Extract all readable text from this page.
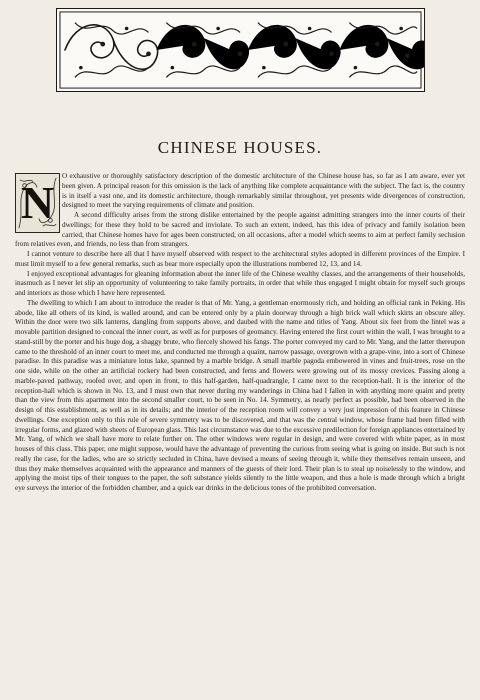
CHINESE HOUSES.
N

O exhaustive or thoroughly satisfactory description of the domestic architecture of the Chinese house has, so far as I am aware, ever yet been given. A principal reason for this omission is the lack of anything like complete acquaintance with the subject. The fact is, the country is in itself a vast one, and its domestic architecture, though remarkably similar throughout, yet presents wide divergences of construction, designed to meet the varying requirements of climate and position.

A second difficulty arises from the strong dislike entertained by the people against admitting strangers into the inner courts of their dwellings; for these they hold to be sacred and inviolate. To such an extent, indeed, has this idea of privacy and family isolation been carried, that Chinese homes have for ages been constructed, on all occasions, after a model which seems to aim at perfect family seclusion from relatives even, and friends, no less than from strangers.

I cannot venture to describe here all that I have myself observed with respect to the architectural styles adopted in different provinces of the Empire. I must limit myself to a few general remarks, such as bear more especially upon the illustrations numbered 12, 13, and 14.

I enjoyed exceptional advantages for gleaning information about the inner life of the Chinese wealthy classes, and the arrangements of their households, inasmuch as I never let slip an opportunity of volunteering to take family portraits, in order that while thus engaged I might obtain for myself such groups and interiors as those which I have here represented.

The dwelling to which I am about to introduce the reader is that of Mr. Yang, a gentleman enormously rich, and holding an official rank in Peking. His abode, like all others of its kind, is walled around, and can be entered only by a plain doorway through a high brick wall which skirts an obscure alley. Within the door were two silk lanterns, dangling from supports above, and daubed with the name and titles of Yang. About six feet from the lintel was a movable partition designed to conceal the inner court, as well as for purposes of geomancy. Having entered the first court within the wall, I was brought to a stand-still by the porter and his huge dog, a shaggy brute, who fiercely showed his fangs. The porter conveyed my card to Mr. Yang, and the latter thereupon came to the threshold of an inner court to meet me, and conducted me through a quaint, narrow passage, overgrown with a grape-vine, into a sort of Chinese paradise. In this paradise was a miniature lotus lake, spanned by a marble bridge. A small marble pagoda embowered in vines and fruit-trees, rose on the one side, while on the other an artificial rockery had been constructed, and ferns and flowers were growing out of its mossy crevices. Passing along a marble-paved pathway, roofed over, and open in front, to this half-garden, half-quadrangle, I came next to the reception-hall. It is the interior of the reception-hall which is shown in No. 13, and I must own that never during my wanderings in China had I fallen in with anything more quaint and pretty than the view from this apartment into the second smaller court, to be seen in No. 14. Symmetry, as nearly perfect as possible, had been observed in the design of this establishment, as well as in its details; and the interior of the reception room will convey a very just impression of this feature in Chinese dwellings. One exception only to this rule of severe symmetry was to be discovered, and that was the central window, whose frame had been filled with irregular forms, and glazed with sheets of European glass. This last circumstance was due to the excessive predilection for foreign appliances entertained by Mr. Yang, of which we shall have more to relate further on. The other windows were regular in design, and were covered with white paper, as in most houses of this class. This paper, one might suppose, would have the advantage of preventing the curious from seeing what is going on inside. But such is not really the case, for the ladies, who are so strictly secluded in China, have devised a means of seeing through it, while they themselves remain unseen, and thus they make themselves acquainted with the appearance and manners of the guests of their lord. Their plan is to steal up noiselessly to the window, and applying the moist tips of their tongues to the paper, the soft substance yields silently to the little weapon, and thus a hole is made through which a bright eye surveys the interior of the forbidden chamber, and a quick ear drinks in the delicious tones of the prohibited conversation.
